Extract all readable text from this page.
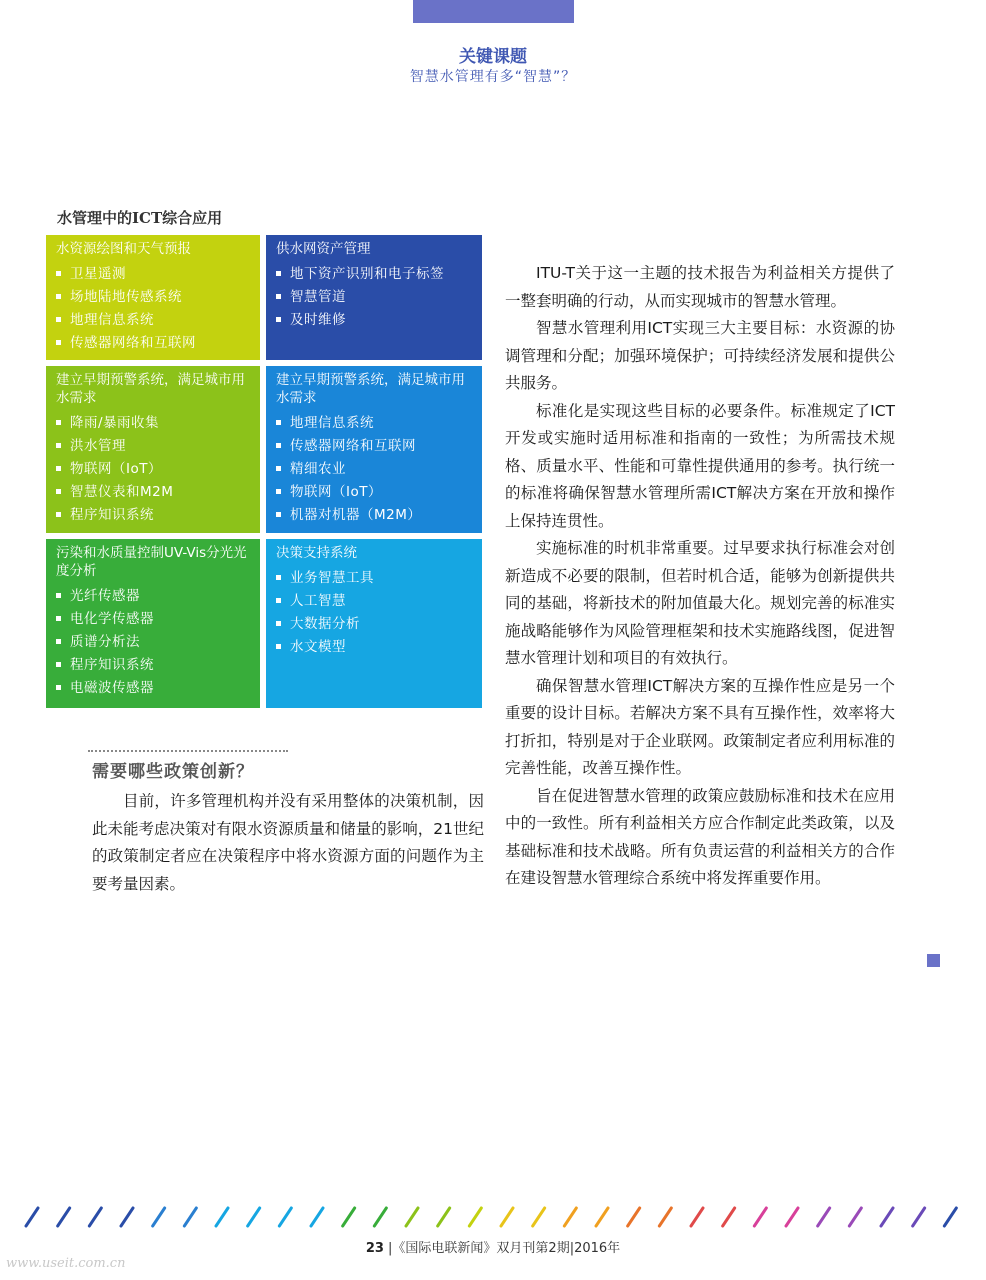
关键课题
智慧水管理有多“智慧”？
水管理中的ICT综合应用
水资源绘图和天气预报
卫星遥测
场地陆地传感系统
地理信息系统
传感器网络和互联网
供水网资产管理
地下资产识别和电子标签
智慧管道
及时维修
建立早期预警系统，满足城市用水需求
降雨/暴雨收集
洪水管理
物联网（IoT）
智慧仪表和M2M
程序知识系统
建立早期预警系统，满足城市用水需求
地理信息系统
传感器网络和互联网
精细农业
物联网（IoT）
机器对机器（M2M）
污染和水质量控制UV-Vis分光光度分析
光纤传感器
电化学传感器
质谱分析法
程序知识系统
电磁波传感器
决策支持系统
业务智慧工具
人工智慧
大数据分析
水文模型
需要哪些政策创新？

目前，许多管理机构并没有采用整体的决策机制，因此未能考虑决策对有限水资源质量和储量的影响，21世纪的政策制定者应在决策程序中将水资源方面的问题作为主要考量因素。

ITU-T关于这一主题的技术报告为利益相关方提供了一整套明确的行动，从而实现城市的智慧水管理。

智慧水管理利用ICT实现三大主要目标：水资源的协调管理和分配；加强环境保护；可持续经济发展和提供公共服务。

标准化是实现这些目标的必要条件。标准规定了ICT开发或实施时适用标准和指南的一致性；为所需技术规格、质量水平、性能和可靠性提供通用的参考。执行统一的标准将确保智慧水管理所需ICT解决方案在开放和操作上保持连贯性。

实施标准的时机非常重要。过早要求执行标准会对创新造成不必要的限制，但若时机合适，能够为创新提供共同的基础，将新技术的附加值最大化。规划完善的标准实施战略能够作为风险管理框架和技术实施路线图，促进智慧水管理计划和项目的有效执行。

确保智慧水管理ICT解决方案的互操作性应是另一个重要的设计目标。若解决方案不具有互操作性，效率将大打折扣，特别是对于企业联网。政策制定者应利用标准的完善性能，改善互操作性。

旨在促进智慧水管理的政策应鼓励标准和技术在应用中的一致性。所有利益相关方应合作制定此类政策，以及基础标准和技术战略。所有负责运营的利益相关方的合作在建设智慧水管理综合系统中将发挥重要作用。

23 |《国际电联新闻》双月刊第2期|2016年
www.useit.com.cn
